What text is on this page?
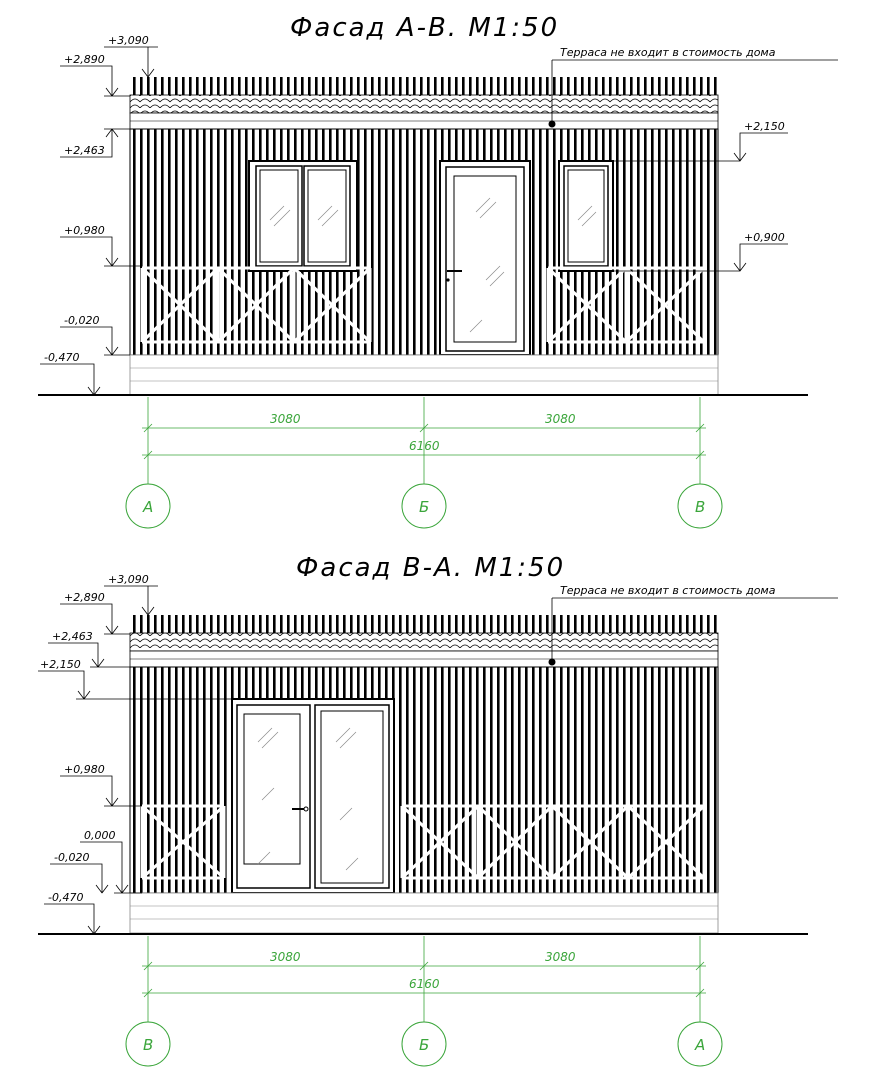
Фасад А-В. М1:50
Терраса не входит в стоимость дома
+3,090
+2,890
+2,463
+0,980
-0,020
-0,470
+2,150
+0,900
3080	3080
6160
А	Б	В
Фасад В-А. М1:50
Терраса не входит в стоимость дома
+3,090
+2,890
+2,463
+2,150
+0,980
0,000
-0,020
-0,470
3080	3080
6160
В	Б	А
